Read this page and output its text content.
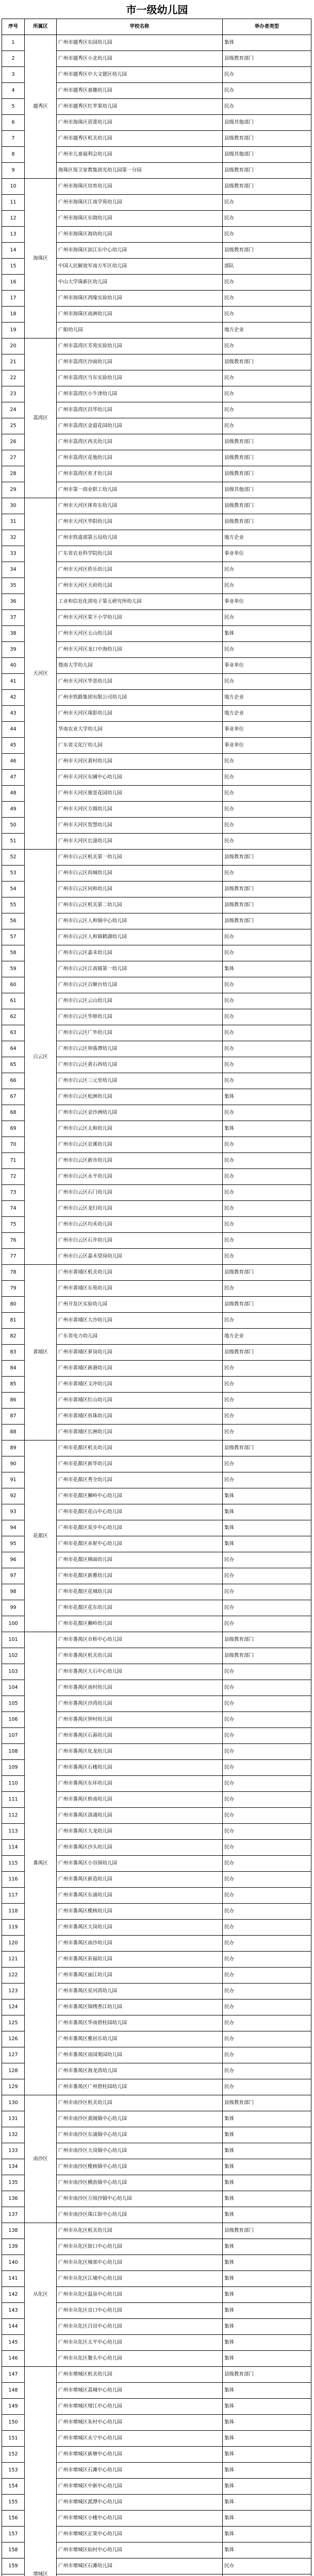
市一级幼儿园
序号	所属区	学校名称	举办者类型
1	越秀区	广州市越秀区东园幼儿园	集体
2		广州市越秀区小北幼儿园	县级教育部门
3		广州市越秀区中大文德区幼儿园	民办
4		广州市越秀区童趣幼儿园	民办
5		广州市越秀区红苹果幼儿园	民办
6		广州市海珠区蓓蕾幼儿园	县级其他部门
7		广州市越秀区机关幼儿园	县级教育部门
8		广州市儿童福利会幼儿园	县级其他部门
9		海珠区保卫家教集团光幼儿园第一分园	县级教育部门
10	海珠区	广州市海珠区培育幼儿园	县级教育部门
11		广州市海珠区江南学苑幼儿园	民办
12		广州市海珠区东晓幼儿园	民办
13		广州市海珠区海幼幼儿园	民办
14		广州市海珠区滨江东中心幼儿园	县级教育部门
15		中国人民解放军南方军区幼儿园	部队
16		中山大学珠新区幼儿园	民办
17		广州市海珠区鸿缘实验幼儿园	民办
18		广州市海珠区南洲幼儿园	民办
19		广船幼儿园	地方企业
20	荔湾区	广州市荔湾区芳苑实验幼儿园	民办
21		广州市荔湾区沙面幼儿园	县级教育部门
22		广州市荔湾区当东实验幼儿园	民办
23		广州市荔湾区小牛津幼儿园	民办
24		广州市荔湾区昌华幼儿园	民办
25		广州市荔湾区金道花园幼儿园	民办
26		广州市荔湾区西关幼儿园	县级教育部门
27		广州市荔湾区花地幼儿园	县级教育部门
28		广州市荔湾区育才幼儿园	县级教育部门
29		广州市第一商业职工幼儿园	县级其他部门
30	天河区	广州市天河区体育东幼儿园	县级教育部门
31		广州市天河区华阳幼儿园	县级教育部门
32		广州市铁道部第五局幼儿园	地方企业
33		广东省农业科学院幼儿园	事业单位
34		广州市天河区侨乐幼儿园	民办
35		广州市天河区天府幼儿园	民办
36		工业和信息化部电子第五研究所幼儿园	事业单位
37		广州市天河区棠下小学幼儿园	民办
38		广州市天河区五山幼儿园	集体
39		广州市天河区龙口中海幼儿园	民办
40		暨南大学幼儿园	事业单位
41		广州市天河区华景幼儿园	民办
42		广州市铁路集团有限公司幼儿园	地方企业
43		广州市天河区珠影幼儿园	地方企业
44		华南农业大学幼儿园	事业单位
45		广东省文化厅幼儿园	事业单位
46		广州市天河区黄村幼儿园	民办
47		广州市天河区东圃中心幼儿园	民办
48		广州市天河区骏景花园幼儿园	民办
49		广州市天河区方圆幼儿园	民办
50		广州市天河区智慧幼儿园	民办
51		广州市天河区长湴幼儿园	民办
52	白云区	广州市白云区机关第一幼儿园	县级教育部门
53		广州市白云区尚城幼儿园	民办
54		广州市白云区同和幼儿园	县级教育部门
55		广州市白云区机关第二幼儿园	县级教育部门
56		广州市白云区人和镇中心幼儿园	县级教育部门
57		广州市白云区人和镇鹤湖幼儿园	民办
58		广州市白云区嘉禾幼儿园	民办
59		广州市白云区江高镇第一幼儿园	集体
60		广州市白云区百顺台幼儿园	民办
61		广州市白云区云山幼儿园	民办
62		广州市白云区华师幼儿园	民办
63		广州市白云区广外幼儿园	民办
64		广州市白云区钟落潭幼儿园	民办
65		广州市白云区黄石西幼儿园	民办
66		广州市白云区三元里幼儿园	民办
67		广州市白云区松洲幼儿园	集体
68		广州市白云区金沙洲幼儿园	民办
69		广州市白云区太和幼儿园	集体
70		广州市白云区京溪幼儿园	民办
71		广州市白云区新市幼儿园	民办
72		广州市白云区永平幼儿园	民办
73		广州市白云区石门幼儿园	民办
74		广州市白云区龙归幼儿园	民办
75		广州市白云区均禾幼儿园	民办
76		广州市白云区石井幼儿园	民办
77		广州市白云区嘉禾望岗幼儿园	民办
78	黄埔区	广州市黄埔区机关幼儿园	县级教育部门
79		广州市黄埔区东苑幼儿园	民办
80		广州开发区实验幼儿园	县级教育部门
81		广州市黄埔区大沙幼儿园	民办
82		广东省电力幼儿园	地方企业
83		广州市黄埔区萝岗幼儿园	县级教育部门
84		广州市黄埔区新港幼儿园	民办
85		广州市黄埔区文冲幼儿园	民办
86		广州市黄埔区红山幼儿园	民办
87		广州市黄埔区鱼珠幼儿园	民办
88		广州市黄埔区长洲幼儿园	民办
89	花都区	广州市花都区机关幼儿园	县级教育部门
90		广州市花都区新华幼儿园	民办
91		广州市花都区秀全幼儿园	民办
92		广州市花都区狮岭中心幼儿园	集体
93		广州市花都区花山中心幼儿园	集体
94		广州市花都区炭步中心幼儿园	集体
95		广州市花都区赤坭中心幼儿园	集体
96		广州市花都区梯面幼儿园	民办
97		广州市花都区新雅幼儿园	民办
98		广州市花都区花城幼儿园	民办
99		广州市花都区花东幼儿园	民办
100		广州市花都区狮岭幼儿园	民办
101	番禺区	广州市番禺区市桥中心幼儿园	县级教育部门
102		广州市番禺区机关幼儿园	县级教育部门
103		广州市番禺区大石中心幼儿园	民办
104		广州市番禺区南村幼儿园	民办
105		广州市番禺区沙湾幼儿园	民办
106		广州市番禺区钟村幼儿园	民办
107		广州市番禺区石碁幼儿园	民办
108		广州市番禺区化龙幼儿园	民办
109		广州市番禺区石楼幼儿园	民办
110		广州市番禺区东环幼儿园	民办
111		广州市番禺区桥南幼儿园	民办
112		广州市番禺区洛浦幼儿园	民办
113		广州市番禺区大龙幼儿园	民办
114		广州市番禺区沙头幼儿园	民办
115		广州市番禺区小谷围幼儿园	民办
116		广州市番禺区新造幼儿园	民办
117		广州市番禺区东涌幼儿园	民办
118		广州市番禺区榄核幼儿园	民办
119		广州市番禺区大岗幼儿园	民办
120		广州市番禺区南沙幼儿园	民办
121		广州市番禺区祈福幼儿园	民办
122		广州市番禺区丽江幼儿园	民办
123		广州市番禺区星河湾幼儿园	民办
124		广州市番禺区锦绣香江幼儿园	民办
125		广州市番禺区华南碧桂园幼儿园	民办
126		广州市番禺区雅居乐幼儿园	民办
127		广州市番禺区南国奥园幼儿园	民办
128		广州市番禺区海龙湾幼儿园	民办
129		广州市番禺区广州碧桂园幼儿园	民办
130	南沙区	广州市南沙区机关幼儿园	县级教育部门
131		广州市南沙区黄阁镇中心幼儿园	集体
132		广州市南沙区东涌镇中心幼儿园	集体
133		广州市南沙区大岗镇中心幼儿园	集体
134		广州市南沙区榄核镇中心幼儿园	集体
135		广州市南沙区横沥镇中心幼儿园	集体
136		广州市南沙区万顷沙镇中心幼儿园	集体
137		广州市南沙区珠江街中心幼儿园	集体
138	从化区	广州市从化区机关幼儿园	县级教育部门
139		广州市从化区街口中心幼儿园	集体
140		广州市从化区城郊中心幼儿园	集体
141		广州市从化区江埔中心幼儿园	集体
142		广州市从化区温泉中心幼儿园	集体
143		广州市从化区良口中心幼儿园	集体
144		广州市从化区吕田中心幼儿园	集体
145		广州市从化区太平中心幼儿园	集体
146		广州市从化区鳌头中心幼儿园	集体
147	增城区	广州市增城区机关幼儿园	县级教育部门
148		广州市增城区荔城中心幼儿园	集体
149		广州市增城区增江中心幼儿园	集体
150		广州市增城区朱村中心幼儿园	集体
151		广州市增城区永宁中心幼儿园	集体
152		广州市增城区新塘中心幼儿园	集体
153		广州市增城区石滩中心幼儿园	集体
154		广州市增城区中新中心幼儿园	集体
155		广州市增城区派潭中心幼儿园	集体
156		广州市增城区小楼中心幼儿园	集体
157		广州市增城区正果中心幼儿园	集体
158		广州市增城区仙村中心幼儿园	集体
159		广州市增城区石滩幼儿园	民办
